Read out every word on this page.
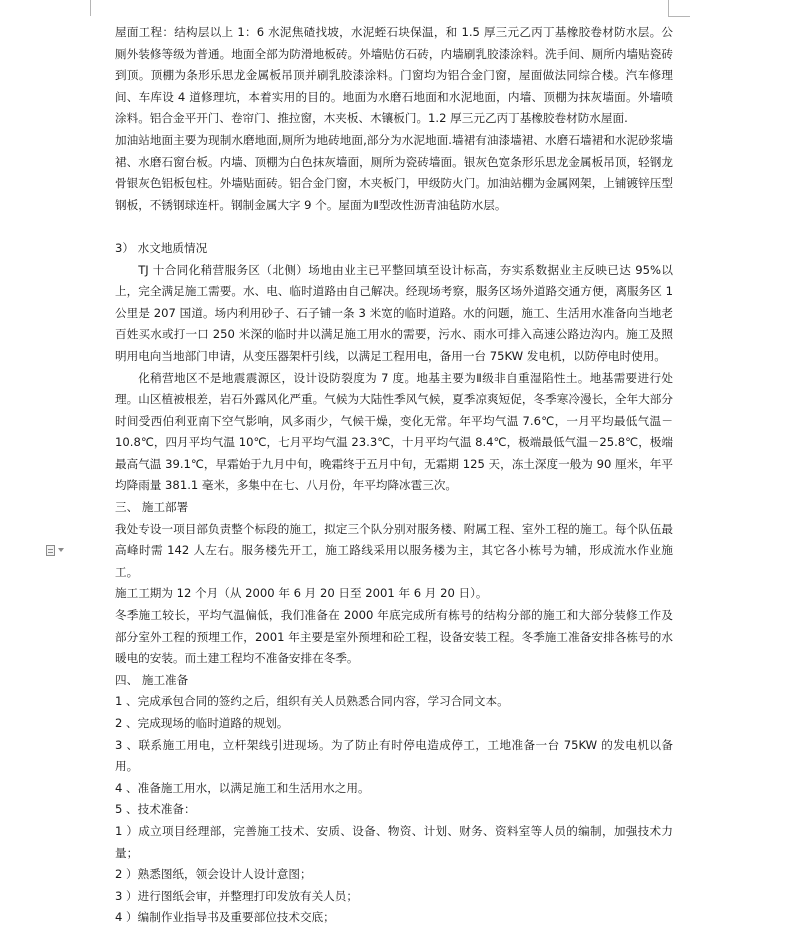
屋面工程：结构层以上 1：6 水泥焦碴找坡，水泥蛭石块保温，和 1.5 厚三元乙丙丁基橡胶卷材防水层。公厕外装修等级为普通。地面全部为防滑地板砖。外墙贴仿石砖，内墙刷乳胶漆涂料。洗手间、厕所内墙贴瓷砖到顶。顶棚为条形乐思龙金属板吊顶并刷乳胶漆涂料。门窗均为铝合金门窗，屋面做法同综合楼。汽车修理间、车库设 4 道修理坑，本着实用的目的。地面为水磨石地面和水泥地面，内墙、顶棚为抹灰墙面。外墙喷涂料。铝合金平开门、卷帘门、推拉窗，木夹板、木镶板门。1.2 厚三元乙丙丁基橡胶卷材防水屋面.

加油站地面主要为现制水磨地面,厕所为地砖地面,部分为水泥地面.墙裙有油漆墙裙、水磨石墙裙和水泥砂浆墙裙、水磨石窗台板。内墙、顶棚为白色抹灰墙面，厕所为瓷砖墙面。银灰色宽条形乐思龙金属板吊顶，轻钢龙骨银灰色铝板包柱。外墙贴面砖。铝合金门窗，木夹板门，甲级防火门。加油站棚为金属网架，上铺镀锌压型钢板，不锈钢球连杆。钢制金属大字 9 个。屋面为Ⅱ型改性沥青油毡防水层。

3） 水文地质情况

TJ 十合同化稍营服务区（北侧）场地由业主已平整回填至设计标高，夯实系数据业主反映已达 95%以上，完全满足施工需要。水、电、临时道路由自己解决。经现场考察，服务区场外道路交通方便，离服务区 1 公里是 207 国道。场内利用砂子、石子铺一条 3 米宽的临时道路。水的问题，施工、生活用水准备向当地老百姓买水或打一口 250 米深的临时井以满足施工用水的需要，污水、雨水可排入高速公路边沟内。施工及照明用电向当地部门申请，从变压器架杆引线，以满足工程用电，备用一台 75KW 发电机，以防停电时使用。

化稍营地区不是地震震源区，设计设防裂度为 7 度。地基主要为Ⅱ级非自重湿陷性土。地基需要进行处理。山区植被根差，岩石外露风化严重。气候为大陆性季风气候，夏季凉爽短促，冬季寒冷漫长，全年大部分时间受西伯利亚南下空气影响，风多雨少，气候干燥，变化无常。年平均气温 7.6℃，一月平均最低气温－10.8℃，四月平均气温 10℃，七月平均气温 23.3℃，十月平均气温 8.4℃，极端最低气温－25.8℃，极端最高气温 39.1℃，早霜始于九月中旬，晚霜终于五月中旬，无霜期 125 天，冻土深度一般为 90 厘米，年平均降雨量 381.1 毫米，多集中在七、八月份，年平均降冰雹三次。

三、 施工部署

我处专设一项目部负责整个标段的施工，拟定三个队分别对服务楼、附属工程、室外工程的施工。每个队伍最高峰时需 142 人左右。服务楼先开工，施工路线采用以服务楼为主，其它各小栋号为辅，形成流水作业施工。

施工工期为 12 个月（从 2000 年 6 月 20 日至 2001 年 6 月 20 日）。

冬季施工较长，平均气温偏低，我们准备在 2000 年底完成所有栋号的结构分部的施工和大部分装修工作及部分室外工程的预埋工作，2001 年主要是室外预埋和砼工程，设备安装工程。冬季施工准备安排各栋号的水暖电的安装。而土建工程均不准备安排在冬季。

四、 施工准备

1 、完成承包合同的签约之后，组织有关人员熟悉合同内容，学习合同文本。

2 、完成现场的临时道路的规划。

3 、联系施工用电，立杆架线引进现场。为了防止有时停电造成停工，工地准备一台 75KW 的发电机以备用。

4 、准备施工用水，以满足施工和生活用水之用。

5 、技术准备：

1 ）成立项目经理部，完善施工技术、安质、设备、物资、计划、财务、资料室等人员的编制，加强技术力量；

2 ）熟悉图纸，领会设计人设计意图；

3 ）进行图纸会审，并整理打印发放有关人员；

4 ）编制作业指导书及重要部位技术交底；
